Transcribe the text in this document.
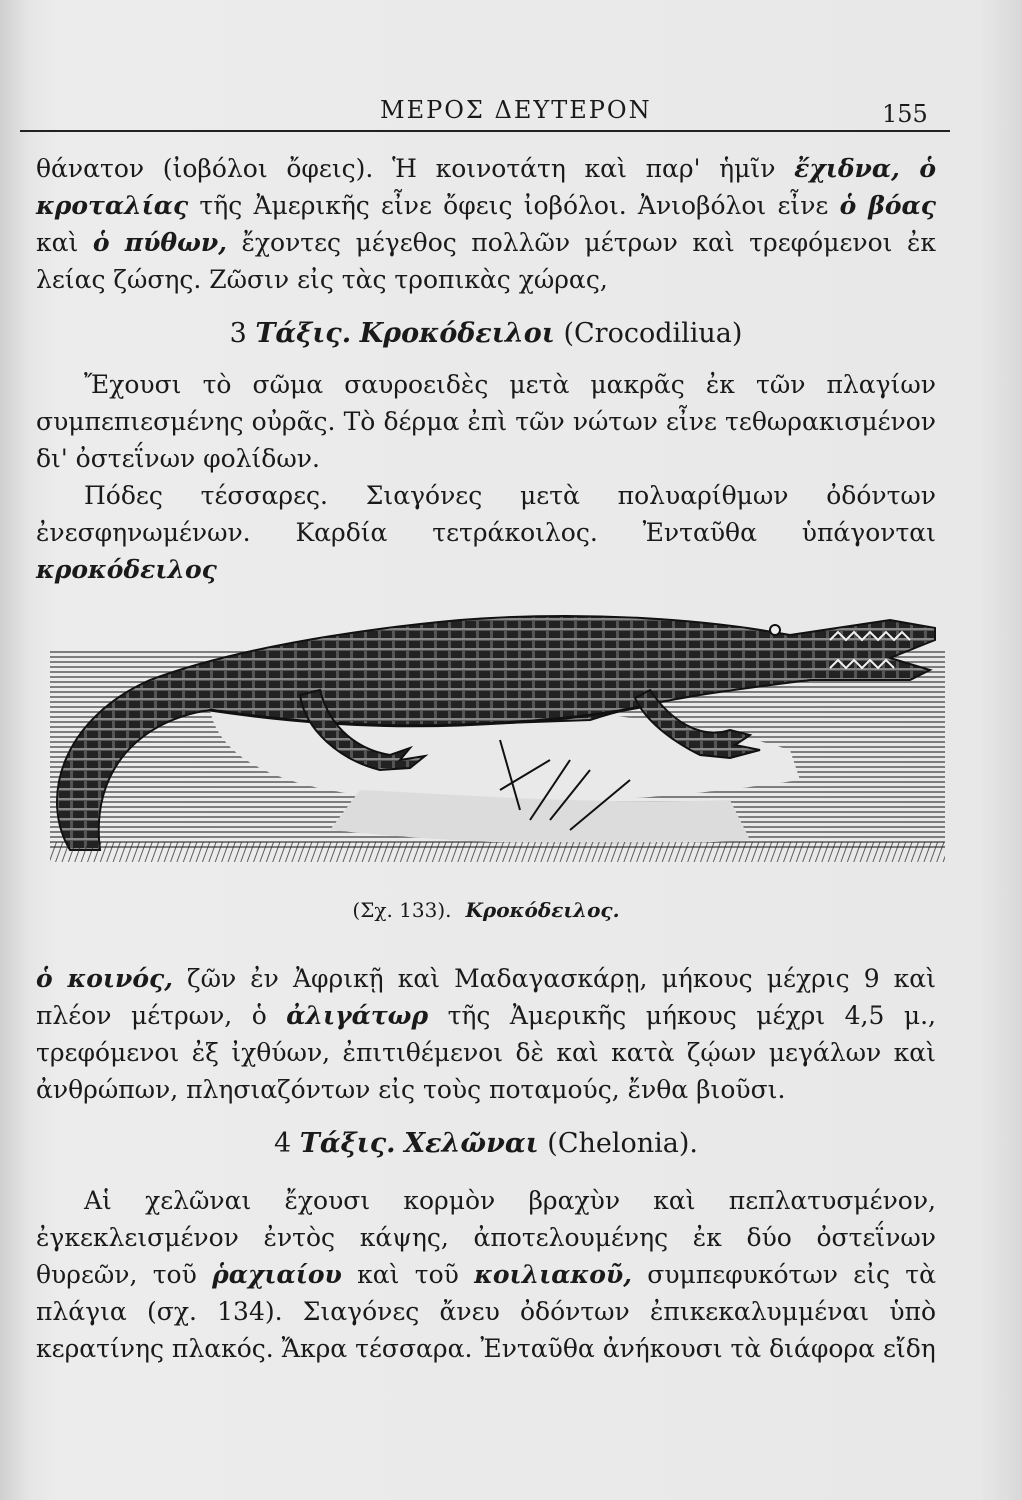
ΜΕΡΟΣ ΔΕΥΤΕΡΟΝ	155

θάνατον (ἰοβόλοι ὄφεις). Ἡ κοινοτάτη καὶ παρ' ἡμῖν ἔχιδνα, ὁ κροταλίας τῆς Ἀμερικῆς εἶνε ὄφεις ἰοβόλοι. Ἀνιοβόλοι εἶνε ὁ βόας καὶ ὁ πύθων, ἔχοντες μέγεθος πολλῶν μέτρων καὶ τρεφόμενοι ἐκ λείας ζώσης. Ζῶσιν εἰς τὰς τροπικὰς χώρας,

3 Τάξις. Κροκόδειλοι (Crocodiliua)

Ἔχουσι τὸ σῶμα σαυροειδὲς μετὰ μακρᾶς ἐκ τῶν πλαγίων συμπεπιεσμένης οὐρᾶς. Τὸ δέρμα ἐπὶ τῶν νώτων εἶνε τεθωρακισμένον δι' ὀστεΐνων φολίδων.

Πόδες τέσσαρες. Σιαγόνες μετὰ πολυαρίθμων ὀδόντων ἐνεσφηνωμένων. Καρδία τετράκοιλος. Ἐνταῦθα ὑπάγονται κροκόδειλος

(Σχ. 133). Κροκόδειλος.

ὁ κοινός, ζῶν ἐν Ἀφρικῇ καὶ Μαδαγασκάρῃ, μήκους μέχρις 9 καὶ πλέον μέτρων, ὁ ἀλιγάτωρ τῆς Ἀμερικῆς μήκους μέχρι 4,5 μ., τρεφόμενοι ἐξ ἰχθύων, ἐπιτιθέμενοι δὲ καὶ κατὰ ζῴων μεγάλων καὶ ἀνθρώπων, πλησιαζόντων εἰς τοὺς ποταμούς, ἔνθα βιοῦσι.

4 Τάξις. Χελῶναι (Chelonia).

Αἱ χελῶναι ἔχουσι κορμὸν βραχὺν καὶ πεπλατυσμένον, ἐγκεκλεισμένον ἐντὸς κάψης, ἀποτελουμένης ἐκ δύο ὀστεΐνων θυρεῶν, τοῦ ῥαχιαίου καὶ τοῦ κοιλιακοῦ, συμπεφυκότων εἰς τὰ πλάγια (σχ. 134). Σιαγόνες ἄνευ ὀδόντων ἐπικεκαλυμμέναι ὑπὸ κερατίνης πλακός. Ἄκρα τέσσαρα. Ἐνταῦθα ἀνήκουσι τὰ διάφορα εἴδη
